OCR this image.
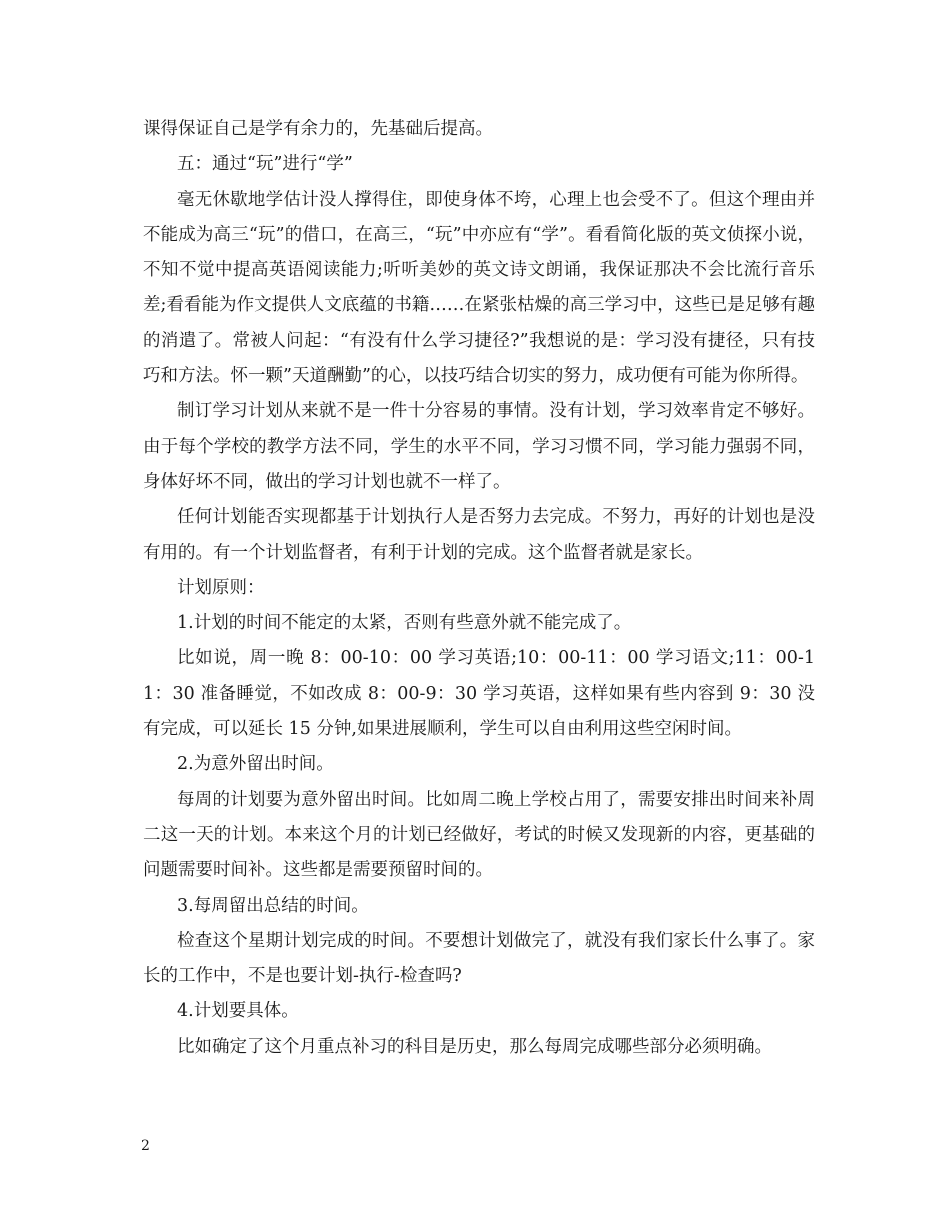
课得保证自己是学有余力的，先基础后提高。

五：通过“玩”进行“学”

毫无休歇地学估计没人撑得住，即使身体不垮，心理上也会受不了。但这个理由并不能成为高三“玩”的借口，在高三，“玩”中亦应有“学”。看看简化版的英文侦探小说，不知不觉中提高英语阅读能力;听听美妙的英文诗文朗诵，我保证那决不会比流行音乐差;看看能为作文提供人文底蕴的书籍……在紧张枯燥的高三学习中，这些已是足够有趣的消遣了。常被人问起：“有没有什么学习捷径?”我想说的是：学习没有捷径，只有技巧和方法。怀一颗”天道酬勤”的心，以技巧结合切实的努力，成功便有可能为你所得。

制订学习计划从来就不是一件十分容易的事情。没有计划，学习效率肯定不够好。由于每个学校的教学方法不同，学生的水平不同，学习习惯不同，学习能力强弱不同，身体好坏不同，做出的学习计划也就不一样了。

任何计划能否实现都基于计划执行人是否努力去完成。不努力，再好的计划也是没有用的。有一个计划监督者，有利于计划的完成。这个监督者就是家长。

计划原则：

1.计划的时间不能定的太紧，否则有些意外就不能完成了。

比如说，周一晚 8：00-10：00 学习英语;10：00-11：00 学习语文;11：00-11：30 准备睡觉，不如改成 8：00-9：30 学习英语，这样如果有些内容到 9：30 没有完成，可以延长 15 分钟,如果进展顺利，学生可以自由利用这些空闲时间。

2.为意外留出时间。

每周的计划要为意外留出时间。比如周二晚上学校占用了，需要安排出时间来补周二这一天的计划。本来这个月的计划已经做好，考试的时候又发现新的内容，更基础的问题需要时间补。这些都是需要预留时间的。

3.每周留出总结的时间。

检查这个星期计划完成的时间。不要想计划做完了，就没有我们家长什么事了。家长的工作中，不是也要计划-执行-检查吗?

4.计划要具体。

比如确定了这个月重点补习的科目是历史，那么每周完成哪些部分必须明确。

2
